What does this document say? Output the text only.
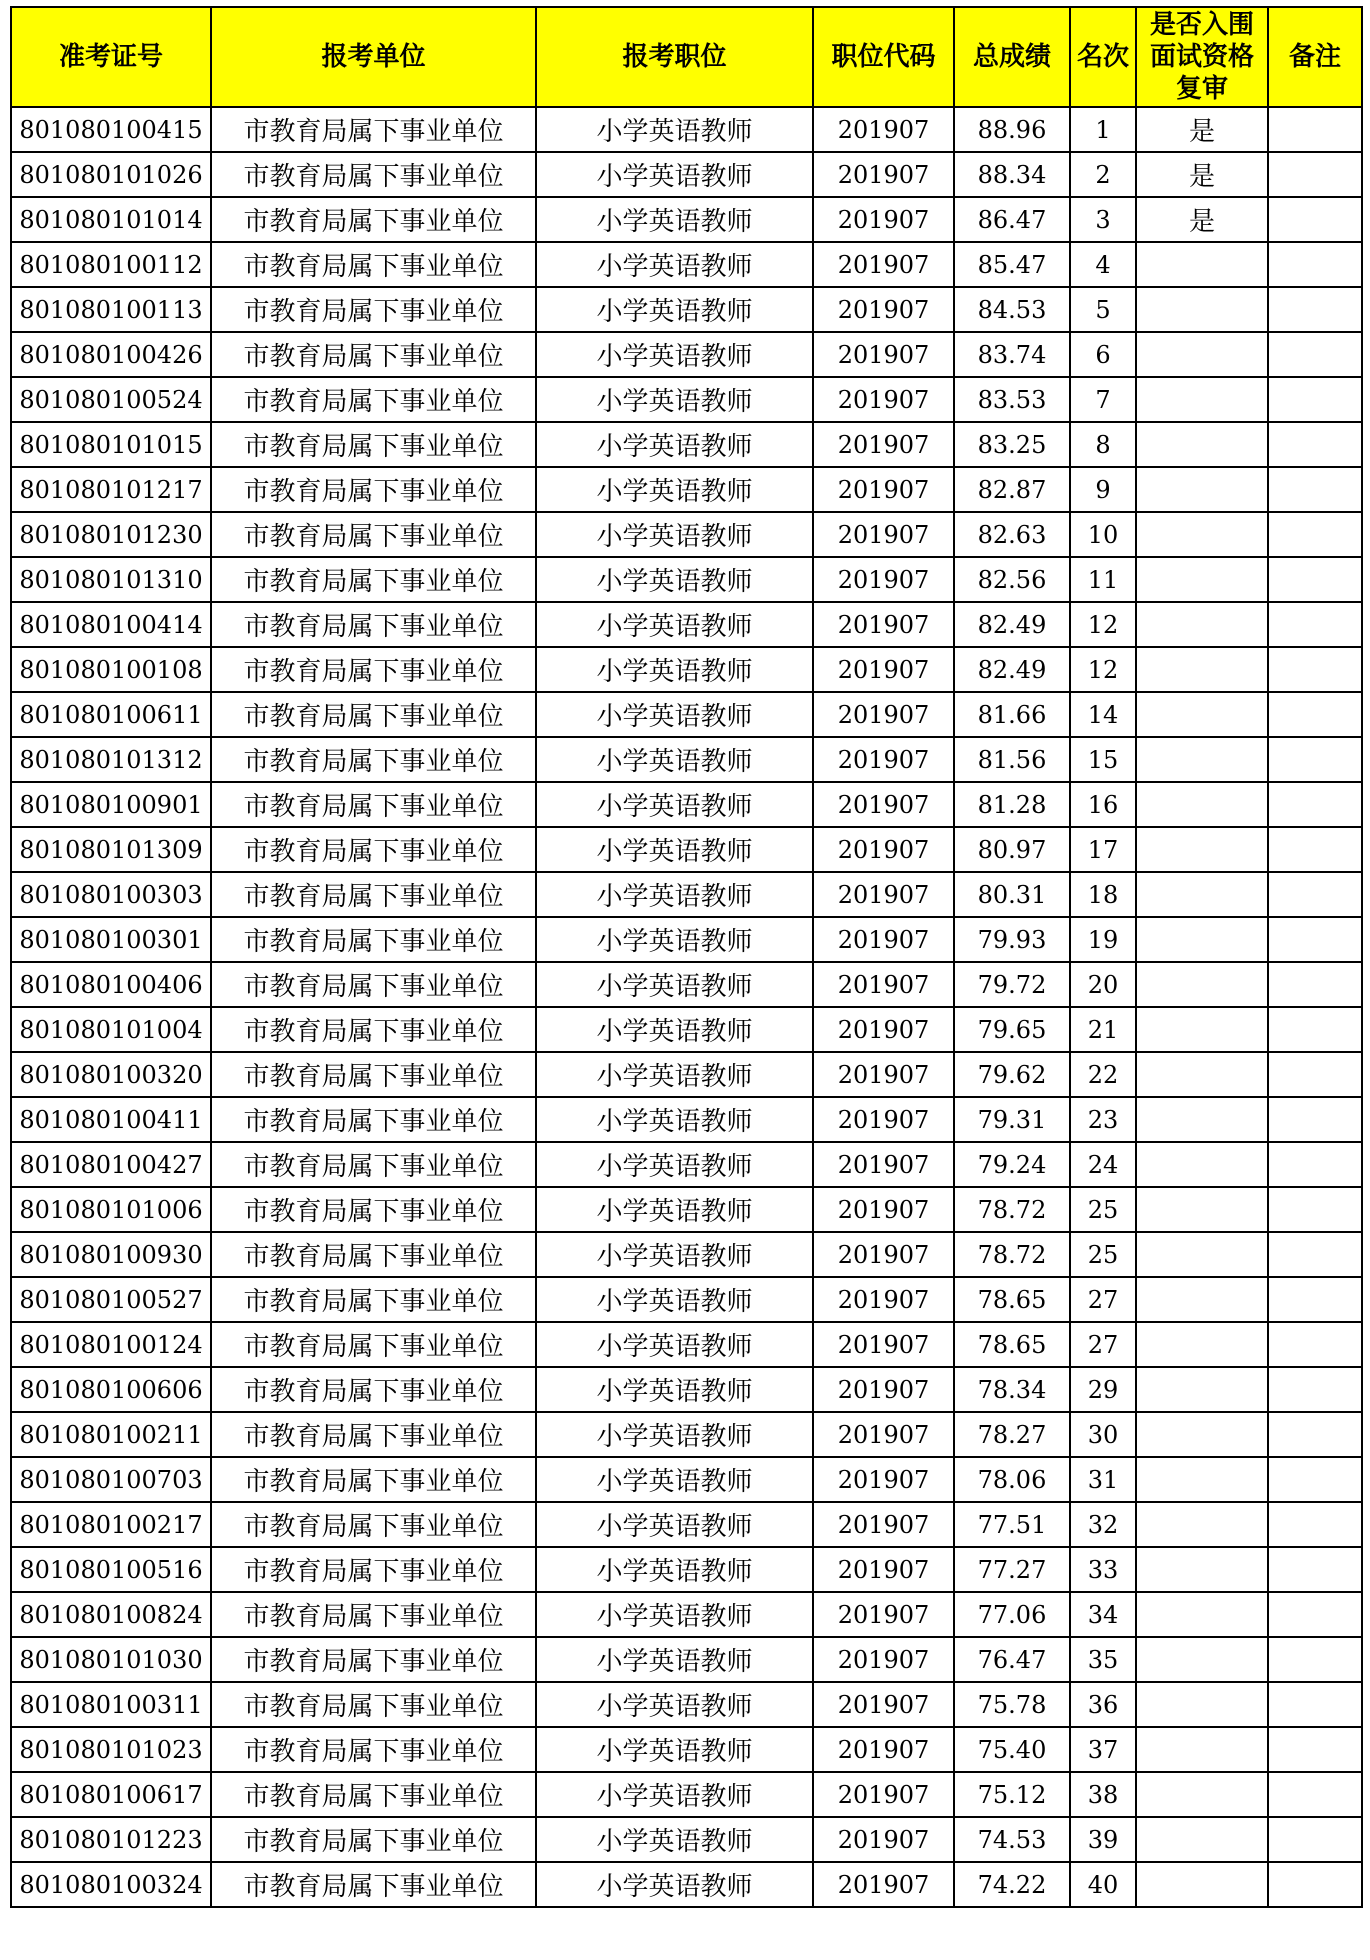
准考证号	报考单位	报考职位	职位代码	总成绩	名次	是否入围面试资格复审	备注
801080100415	市教育局属下事业单位	小学英语教师	201907	88.96	1	是	
801080101026	市教育局属下事业单位	小学英语教师	201907	88.34	2	是	
801080101014	市教育局属下事业单位	小学英语教师	201907	86.47	3	是	
801080100112	市教育局属下事业单位	小学英语教师	201907	85.47	4		
801080100113	市教育局属下事业单位	小学英语教师	201907	84.53	5		
801080100426	市教育局属下事业单位	小学英语教师	201907	83.74	6		
801080100524	市教育局属下事业单位	小学英语教师	201907	83.53	7		
801080101015	市教育局属下事业单位	小学英语教师	201907	83.25	8		
801080101217	市教育局属下事业单位	小学英语教师	201907	82.87	9		
801080101230	市教育局属下事业单位	小学英语教师	201907	82.63	10		
801080101310	市教育局属下事业单位	小学英语教师	201907	82.56	11		
801080100414	市教育局属下事业单位	小学英语教师	201907	82.49	12		
801080100108	市教育局属下事业单位	小学英语教师	201907	82.49	12		
801080100611	市教育局属下事业单位	小学英语教师	201907	81.66	14		
801080101312	市教育局属下事业单位	小学英语教师	201907	81.56	15		
801080100901	市教育局属下事业单位	小学英语教师	201907	81.28	16		
801080101309	市教育局属下事业单位	小学英语教师	201907	80.97	17		
801080100303	市教育局属下事业单位	小学英语教师	201907	80.31	18		
801080100301	市教育局属下事业单位	小学英语教师	201907	79.93	19		
801080100406	市教育局属下事业单位	小学英语教师	201907	79.72	20		
801080101004	市教育局属下事业单位	小学英语教师	201907	79.65	21		
801080100320	市教育局属下事业单位	小学英语教师	201907	79.62	22		
801080100411	市教育局属下事业单位	小学英语教师	201907	79.31	23		
801080100427	市教育局属下事业单位	小学英语教师	201907	79.24	24		
801080101006	市教育局属下事业单位	小学英语教师	201907	78.72	25		
801080100930	市教育局属下事业单位	小学英语教师	201907	78.72	25		
801080100527	市教育局属下事业单位	小学英语教师	201907	78.65	27		
801080100124	市教育局属下事业单位	小学英语教师	201907	78.65	27		
801080100606	市教育局属下事业单位	小学英语教师	201907	78.34	29		
801080100211	市教育局属下事业单位	小学英语教师	201907	78.27	30		
801080100703	市教育局属下事业单位	小学英语教师	201907	78.06	31		
801080100217	市教育局属下事业单位	小学英语教师	201907	77.51	32		
801080100516	市教育局属下事业单位	小学英语教师	201907	77.27	33		
801080100824	市教育局属下事业单位	小学英语教师	201907	77.06	34		
801080101030	市教育局属下事业单位	小学英语教师	201907	76.47	35		
801080100311	市教育局属下事业单位	小学英语教师	201907	75.78	36		
801080101023	市教育局属下事业单位	小学英语教师	201907	75.40	37		
801080100617	市教育局属下事业单位	小学英语教师	201907	75.12	38		
801080101223	市教育局属下事业单位	小学英语教师	201907	74.53	39		
801080100324	市教育局属下事业单位	小学英语教师	201907	74.22	40		
